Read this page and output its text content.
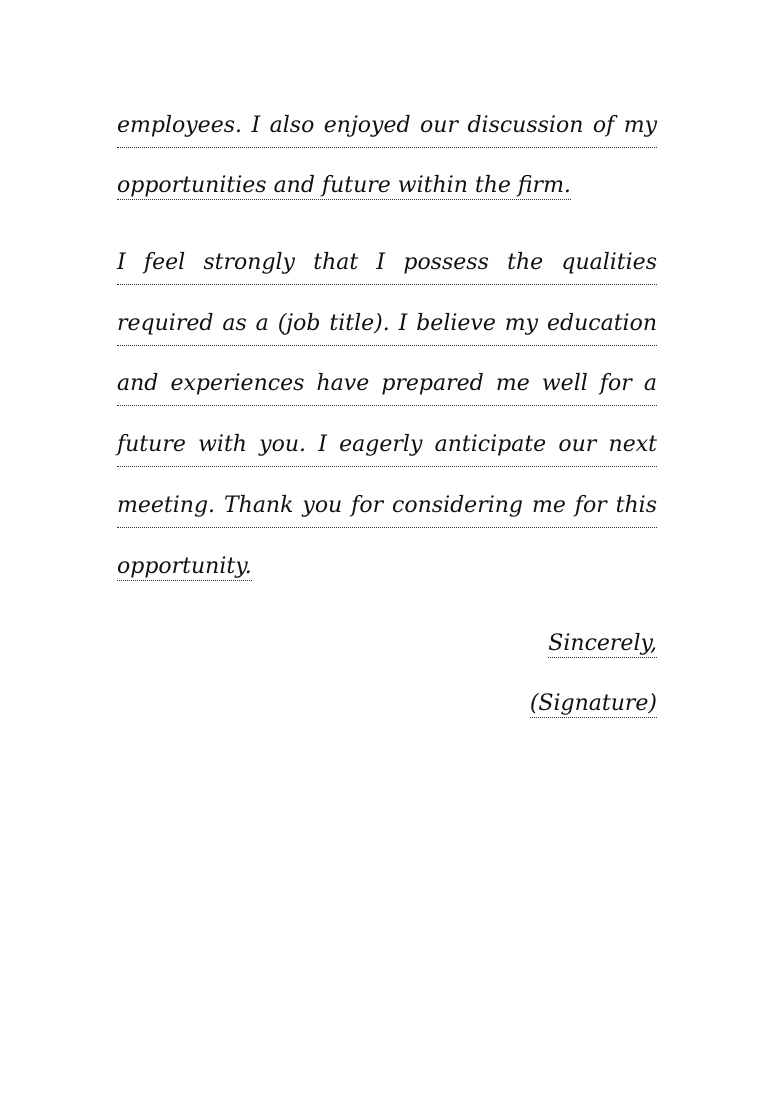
employees. I also enjoyed our discussion of my
opportunities and future within the firm.
I feel strongly that I possess the qualities
required as a (job title). I believe my education
and experiences have prepared me well for a
future with you. I eagerly anticipate our next
meeting. Thank you for considering me for this
opportunity.
Sincerely,
(Signature)
